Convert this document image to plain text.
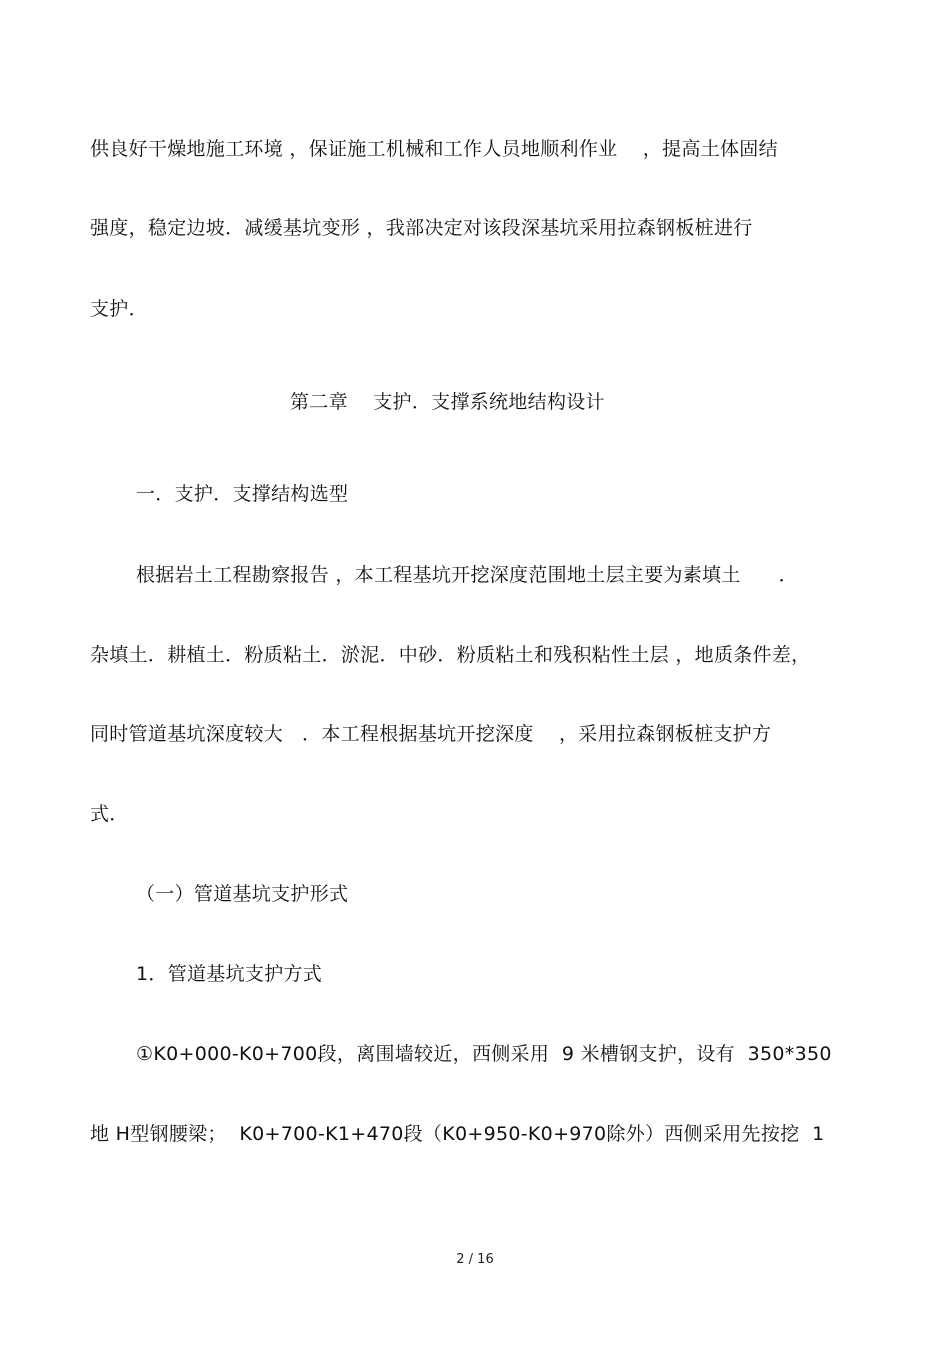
供良好干燥地施工环境 ，保证施工机械和工作人员地顺利作业    ，提高土体固结
强度，稳定边坡．减缓基坑变形 ，我部决定对该段深基坑采用拉森钢板桩进行
支护．
第二章    支护．支撑系统地结构设计
一．支护．支撑结构选型
根据岩土工程勘察报告 ，本工程基坑开挖深度范围地土层主要为素填土      ．
杂填土．耕植土．粉质粘土．淤泥．中砂．粉质粘土和残积粘性土层 ，地质条件差，
同时管道基坑深度较大   ．本工程根据基坑开挖深度    ，采用拉森钢板桩支护方
式．
（一）管道基坑支护形式
1．管道基坑支护方式
①K0+000-K0+700段，离围墙较近，西侧采用  9 米槽钢支护，设有  350*350
地 H型钢腰梁；  K0+700-K1+470段（K0+950-K0+970除外）西侧采用先按挖  1
2 / 16
